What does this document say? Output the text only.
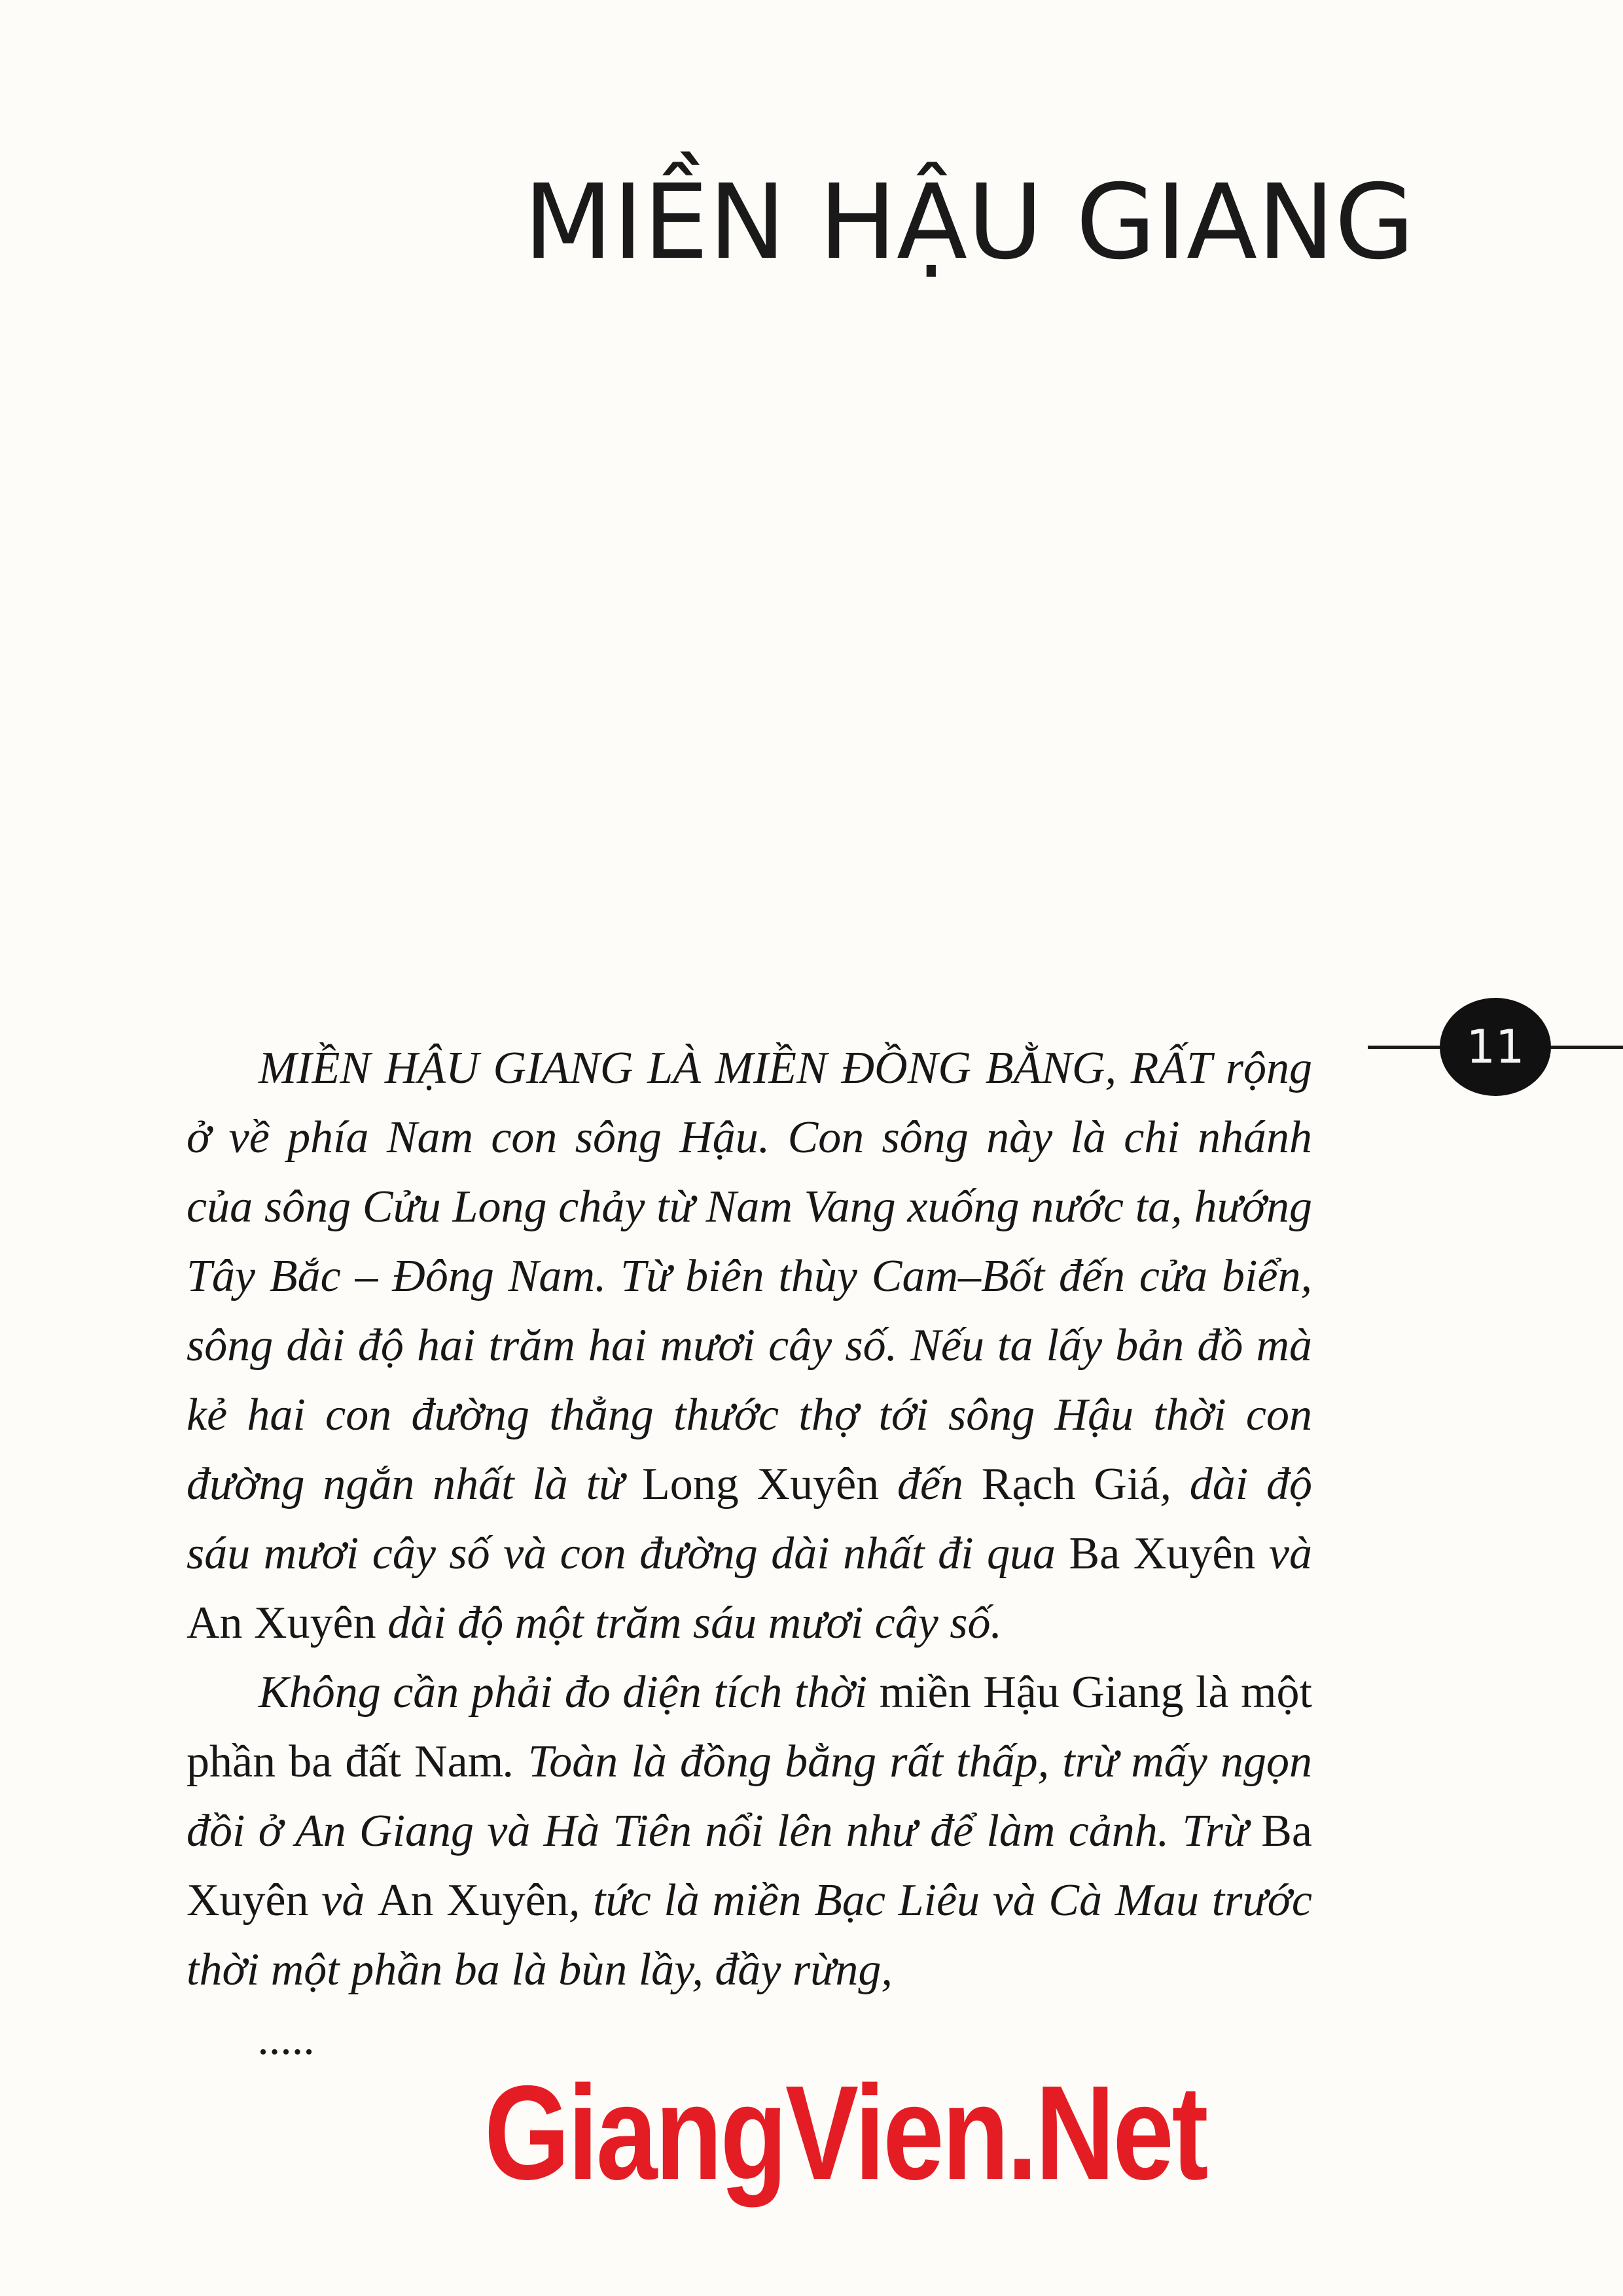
MIỀN HẬU GIANG
11

MIỀN HẬU GIANG LÀ MIỀN ĐỒNG BẰNG, RẤT rộng ở về phía Nam con sông Hậu. Con sông này là chi nhánh của sông Cửu Long chảy từ Nam Vang xuống nước ta, hướng Tây Bắc – Đông Nam. Từ biên thùy Cam–Bốt đến cửa biển, sông dài độ hai trăm hai mươi cây số. Nếu ta lấy bản đồ mà kẻ hai con đường thẳng thước thợ tới sông Hậu thời con đường ngắn nhất là từ Long Xuyên đến Rạch Giá, dài độ sáu mươi cây số và con đường dài nhất đi qua Ba Xuyên và An Xuyên dài độ một trăm sáu mươi cây số.

Không cần phải đo diện tích thời miền Hậu Giang là một phần ba đất Nam. Toàn là đồng bằng rất thấp, trừ mấy ngọn đồi ở An Giang và Hà Tiên nổi lên như để làm cảnh. Trừ Ba Xuyên và An Xuyên, tức là miền Bạc Liêu và Cà Mau trước thời một phần ba là bùn lầy, đầy rừng,

.....
GiangVien.Net
